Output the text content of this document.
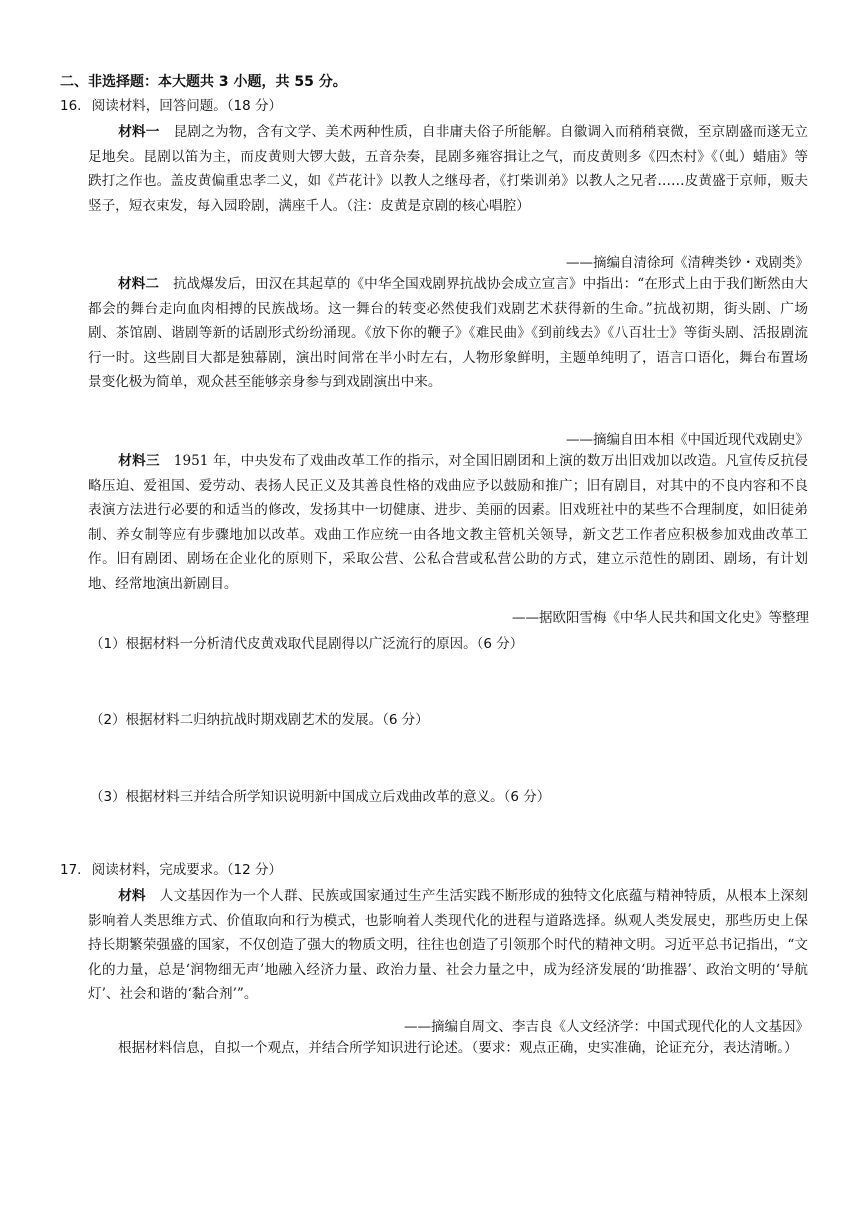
二、非选择题：本大题共 3 小题，共 55 分。
16. 阅读材料，回答问题。（18 分）
材料一 昆剧之为物，含有文学、美术两种性质，自非庸夫俗子所能解。自徽调入而稍稍衰微，至京剧盛而遂无立足地矣。昆剧以笛为主，而皮黄则大锣大鼓，五音杂奏，昆剧多雍容揖让之气，而皮黄则多《四杰村》《（虬）蜡庙》等跌打之作也。盖皮黄偏重忠孝二义，如《芦花计》以教人之继母者，《打柴训弟》以教人之兄者……皮黄盛于京师，贩夫竖子，短衣束发，每入园聆剧，满座千人。（注：皮黄是京剧的核心唱腔）
——摘编自清徐珂《清稗类钞・戏剧类》
材料二 抗战爆发后，田汉在其起草的《中华全国戏剧界抗战协会成立宣言》中指出：“在形式上由于我们断然由大都会的舞台走向血肉相搏的民族战场。这一舞台的转变必然使我们戏剧艺术获得新的生命。”抗战初期，街头剧、广场剧、茶馆剧、谐剧等新的话剧形式纷纷涌现。《放下你的鞭子》《难民曲》《到前线去》《八百壮士》等街头剧、活报剧流行一时。这些剧目大都是独幕剧，演出时间常在半小时左右，人物形象鲜明，主题单纯明了，语言口语化，舞台布置场景变化极为简单，观众甚至能够亲身参与到戏剧演出中来。
——摘编自田本相《中国近现代戏剧史》
材料三 1951 年，中央发布了戏曲改革工作的指示，对全国旧剧团和上演的数万出旧戏加以改造。凡宣传反抗侵略压迫、爱祖国、爱劳动、表扬人民正义及其善良性格的戏曲应予以鼓励和推广；旧有剧目，对其中的不良内容和不良表演方法进行必要的和适当的修改，发扬其中一切健康、进步、美丽的因素。旧戏班社中的某些不合理制度，如旧徒弟制、养女制等应有步骤地加以改革。戏曲工作应统一由各地文教主管机关领导，新文艺工作者应积极参加戏曲改革工作。旧有剧团、剧场在企业化的原则下，采取公营、公私合营或私营公助的方式，建立示范性的剧团、剧场，有计划地、经常地演出新剧目。
——据欧阳雪梅《中华人民共和国文化史》等整理
（1）根据材料一分析清代皮黄戏取代昆剧得以广泛流行的原因。（6 分）
（2）根据材料二归纳抗战时期戏剧艺术的发展。（6 分）
（3）根据材料三并结合所学知识说明新中国成立后戏曲改革的意义。（6 分）
17. 阅读材料，完成要求。（12 分）
材料 人文基因作为一个人群、民族或国家通过生产生活实践不断形成的独特文化底蕴与精神特质，从根本上深刻影响着人类思维方式、价值取向和行为模式，也影响着人类现代化的进程与道路选择。纵观人类发展史，那些历史上保持长期繁荣强盛的国家，不仅创造了强大的物质文明，往往也创造了引领那个时代的精神文明。习近平总书记指出，“文化的力量，总是‘润物细无声’地融入经济力量、政治力量、社会力量之中，成为经济发展的‘助推器’、政治文明的‘导航灯’、社会和谐的‘黏合剂’”。
——摘编自周文、李吉良《人文经济学：中国式现代化的人文基因》
根据材料信息，自拟一个观点，并结合所学知识进行论述。（要求：观点正确，史实准确，论证充分，表达清晰。）
